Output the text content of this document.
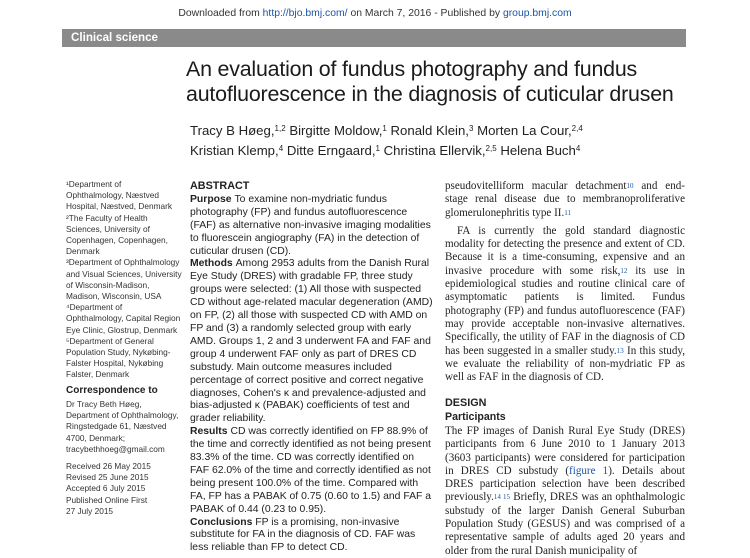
Downloaded from http://bjo.bmj.com/ on March 7, 2016 - Published by group.bmj.com
Clinical science
An evaluation of fundus photography and fundus autofluorescence in the diagnosis of cuticular drusen
Tracy B Høeg,$^{1,2}$ Birgitte Moldow,$^1$ Ronald Klein,$^3$ Morten La Cour,$^{2,4}$
Kristian Klemp,$^4$ Ditte Erngaard,$^1$ Christina Ellervik,$^{2,5}$ Helena Buch$^4$
¹Department of
Ophthalmology, Næstved
Hospital, Næstved, Denmark
²The Faculty of Health
Sciences, University of
Copenhagen, Copenhagen,
Denmark
³Department of Ophthalmology
and Visual Sciences, University
of Wisconsin-Madison,
Madison, Wisconsin, USA
⁴Department of
Ophthalmology, Capital Region
Eye Clinic, Glostrup, Denmark
⁵Department of General
Population Study, Nykøbing-
Falster Hospital, Nykøbing
Falster, Denmark
Correspondence to
Dr Tracy Beth Høeg,
Department of Ophthalmology,
Ringstedgade 61, Næstved
4700, Denmark;
tracybethhoeg@gmail.com
Received 26 May 2015
Revised 25 June 2015
Accepted 6 July 2015
Published Online First
27 July 2015
ABSTRACT
Purpose To examine non-mydriatic fundus photography (FP) and fundus autofluorescence (FAF) as alternative non-invasive imaging modalities to fluorescein angiography (FA) in the detection of cuticular drusen (CD).
Methods Among 2953 adults from the Danish Rural Eye Study (DRES) with gradable FP, three study groups were selected: (1) All those with suspected CD without age-related macular degeneration (AMD) on FP, (2) all those with suspected CD with AMD on FP and (3) a randomly selected group with early AMD. Groups 1, 2 and 3 underwent FA and FAF and group 4 underwent FAF only as part of DRES CD substudy. Main outcome measures included percentage of correct positive and correct negative diagnoses, Cohen's κ and prevalence-adjusted and bias-adjusted κ (PABAK) coefficients of test and grader reliability.
Results CD was correctly identified on FP 88.9% of the time and correctly identified as not being present 83.3% of the time. CD was correctly identified on FAF 62.0% of the time and correctly identified as not being present 100.0% of the time. Compared with FA, FP has a PABAK of 0.75 (0.60 to 1.5) and FAF a PABAK of 0.44 (0.23 to 0.95).
Conclusions FP is a promising, non-invasive substitute for FA in the diagnosis of CD. FAF was less reliable than FP to detect CD.

pseudovitelliform macular detachment$^{10}$ and end-stage renal disease due to membranoproliferative glomerulonephritis type II.$^{11}$

FA is currently the gold standard diagnostic modality for detecting the presence and extent of CD. Because it is a time-consuming, expensive and an invasive procedure with some risk,$^{12}$ its use in epidemiological studies and routine clinical care of asymptomatic patients is limited. Fundus photography (FP) and fundus autofluorescence (FAF) may provide acceptable non-invasive alternatives. Specifically, the utility of FAF in the diagnosis of CD has been suggested in a smaller study.$^{13}$ In this study, we evaluate the reliability of non-mydriatic FP as well as FAF in the diagnosis of CD.

DESIGN
Participants

The FP images of Danish Rural Eye Study (DRES) participants from 6 June 2010 to 1 January 2013 (3603 participants) were considered for participation in DRES CD substudy (figure 1). Details about DRES participation selection have been described previously.$^{14 15}$ Briefly, DRES was an ophthalmologic substudy of the larger Danish General Suburban Population Study (GESUS) and was comprised of a representative sample of adults aged 20 years and older from the rural Danish municipality of
